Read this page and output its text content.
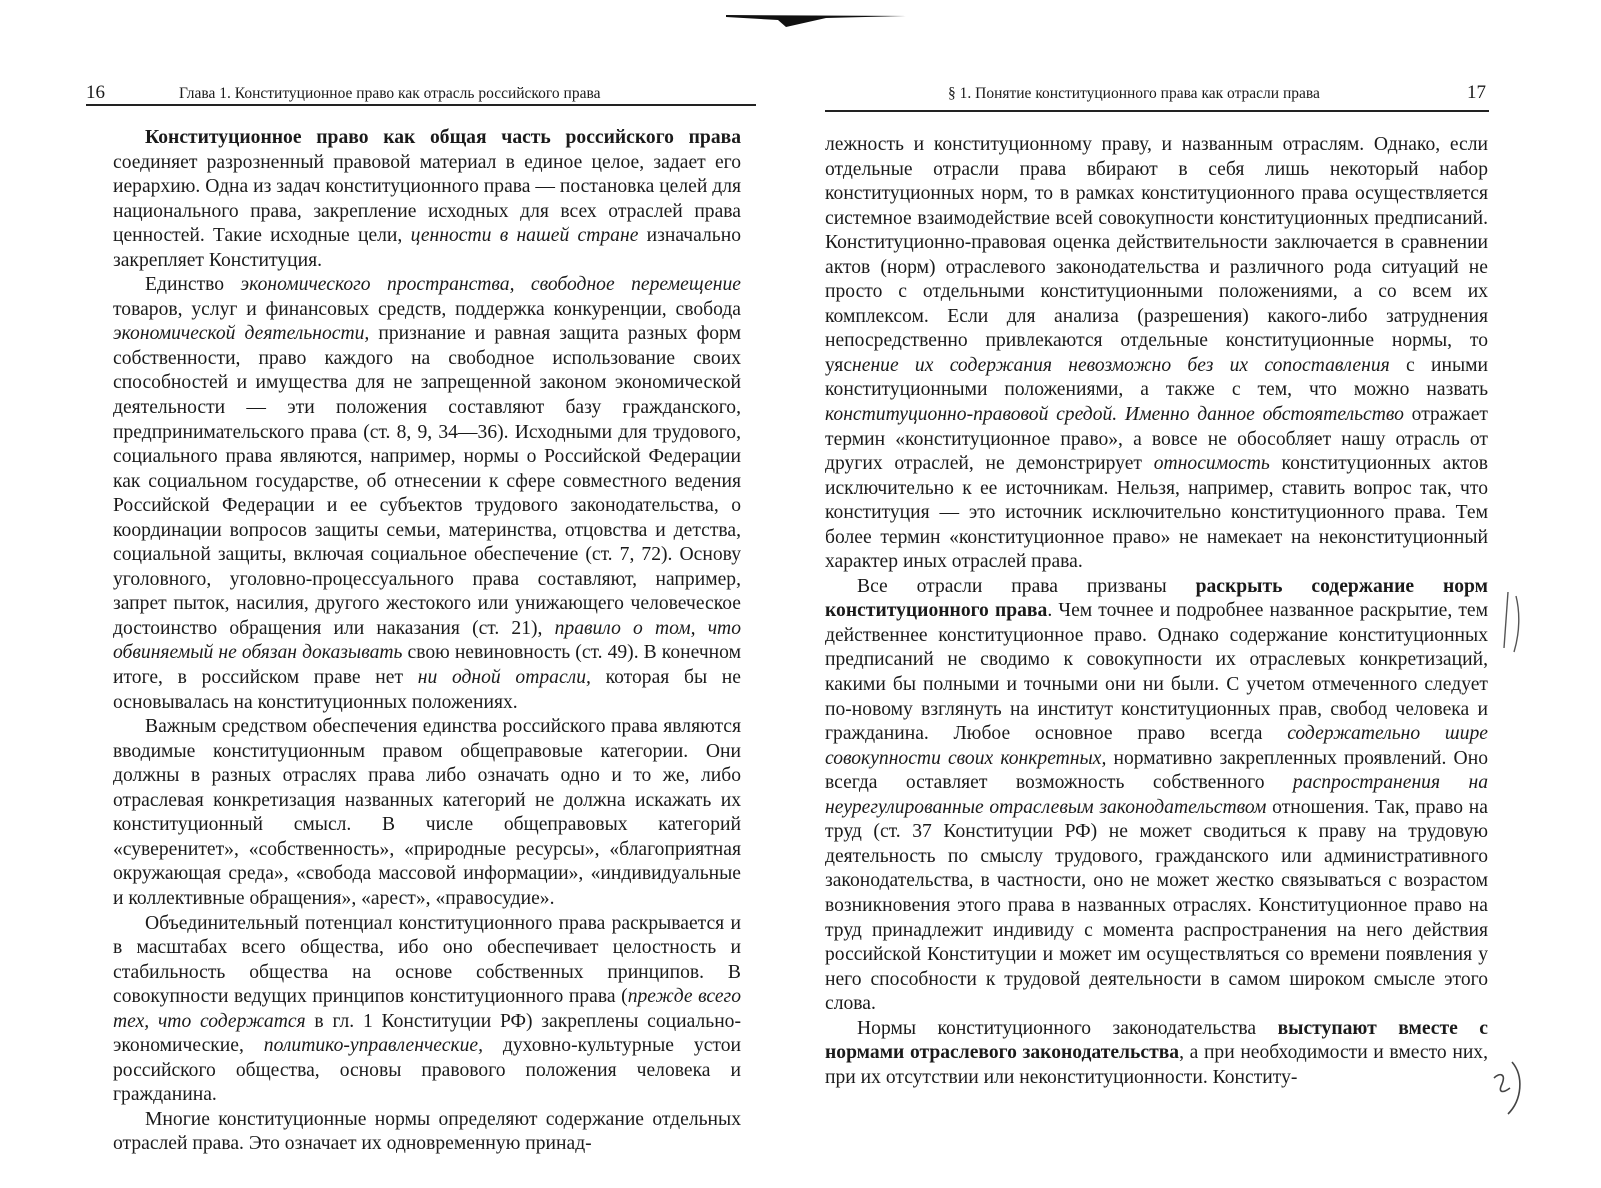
16	Глава 1. Конституционное право как отрасль российского права

Конституционное право как общая часть российского права соединяет разрозненный правовой материал в единое целое, задает его иерархию. Одна из задач конституционного права — постановка целей для национального права, закрепление исходных для всех отраслей права ценностей. Такие исходные цели, ценности в нашей стране изначально закрепляет Конституция.

Единство экономического пространства, свободное перемещение товаров, услуг и финансовых средств, поддержка конкуренции, свобода экономической деятельности, признание и равная защита разных форм собственности, право каждого на свободное использование своих способностей и имущества для не запрещенной законом экономической деятельности — эти положения составляют базу гражданского, предпринимательского права (ст. 8, 9, 34—36). Исходными для трудового, социального права являются, например, нормы о Российской Федерации как социальном государстве, об отнесении к сфере совместного ведения Российской Федерации и ее субъектов трудового законодательства, о координации вопросов защиты семьи, материнства, отцовства и детства, социальной защиты, включая социальное обеспечение (ст. 7, 72). Основу уголовного, уголовно-процессуального права составляют, например, запрет пыток, насилия, другого жестокого или унижающего человеческое достоинство обращения или наказания (ст. 21), правило о том, что обвиняемый не обязан доказывать свою невиновность (ст. 49). В конечном итоге, в российском праве нет ни одной отрасли, которая бы не основывалась на конституционных положениях.

Важным средством обеспечения единства российского права являются вводимые конституционным правом общеправовые категории. Они должны в разных отраслях права либо означать одно и то же, либо отраслевая конкретизация названных категорий не должна искажать их конституционный смысл. В числе общеправовых категорий «суверенитет», «собственность», «природные ресурсы», «благоприятная окружающая среда», «свобода массовой информации», «индивидуальные и коллективные обращения», «арест», «правосудие».

Объединительный потенциал конституционного права раскрывается и в масштабах всего общества, ибо оно обеспечивает целостность и стабильность общества на основе собственных принципов. В совокупности ведущих принципов конституционного права (прежде всего тех, что содержатся в гл. 1 Конституции РФ) закреплены социально-экономические, политико-управленческие, духовно-культурные устои российского общества, основы правового положения человека и гражданина.

Многие конституционные нормы определяют содержание отдельных отраслей права. Это означает их одновременную принад-

§ 1. Понятие конституционного права как отрасли права	17

лежность и конституционному праву, и названным отраслям. Однако, если отдельные отрасли права вбирают в себя лишь некоторый набор конституционных норм, то в рамках конституционного права осуществляется системное взаимодействие всей совокупности конституционных предписаний. Конституционно-правовая оценка действительности заключается в сравнении актов (норм) отраслевого законодательства и различного рода ситуаций не просто с отдельными конституционными положениями, а со всем их комплексом. Если для анализа (разрешения) какого-либо затруднения непосредственно привлекаются отдельные конституционные нормы, то уяснение их содержания невозможно без их сопоставления с иными конституционными положениями, а также с тем, что можно назвать конституционно-правовой средой. Именно данное обстоятельство отражает термин «конституционное право», а вовсе не обособляет нашу отрасль от других отраслей, не демонстрирует относимость конституционных актов исключительно к ее источникам. Нельзя, например, ставить вопрос так, что конституция — это источник исключительно конституционного права. Тем более термин «конституционное право» не намекает на неконституционный характер иных отраслей права.

Все отрасли права призваны раскрыть содержание норм конституционного права. Чем точнее и подробнее названное раскрытие, тем действеннее конституционное право. Однако содержание конституционных предписаний не сводимо к совокупности их отраслевых конкретизаций, какими бы полными и точными они ни были. С учетом отмеченного следует по-новому взглянуть на институт конституционных прав, свобод человека и гражданина. Любое основное право всегда содержательно шире совокупности своих конкретных, нормативно закрепленных проявлений. Оно всегда оставляет возможность собственного распространения на неурегулированные отраслевым законодательством отношения. Так, право на труд (ст. 37 Конституции РФ) не может сводиться к праву на трудовую деятельность по смыслу трудового, гражданского или административного законодательства, в частности, оно не может жестко связываться с возрастом возникновения этого права в названных отраслях. Конституционное право на труд принадлежит индивиду с момента распространения на него действия российской Конституции и может им осуществляться со времени появления у него способности к трудовой деятельности в самом широком смысле этого слова.

Нормы конституционного законодательства выступают вместе с нормами отраслевого законодательства, а при необходимости и вместо них, при их отсутствии или неконституционности. Конститу-
